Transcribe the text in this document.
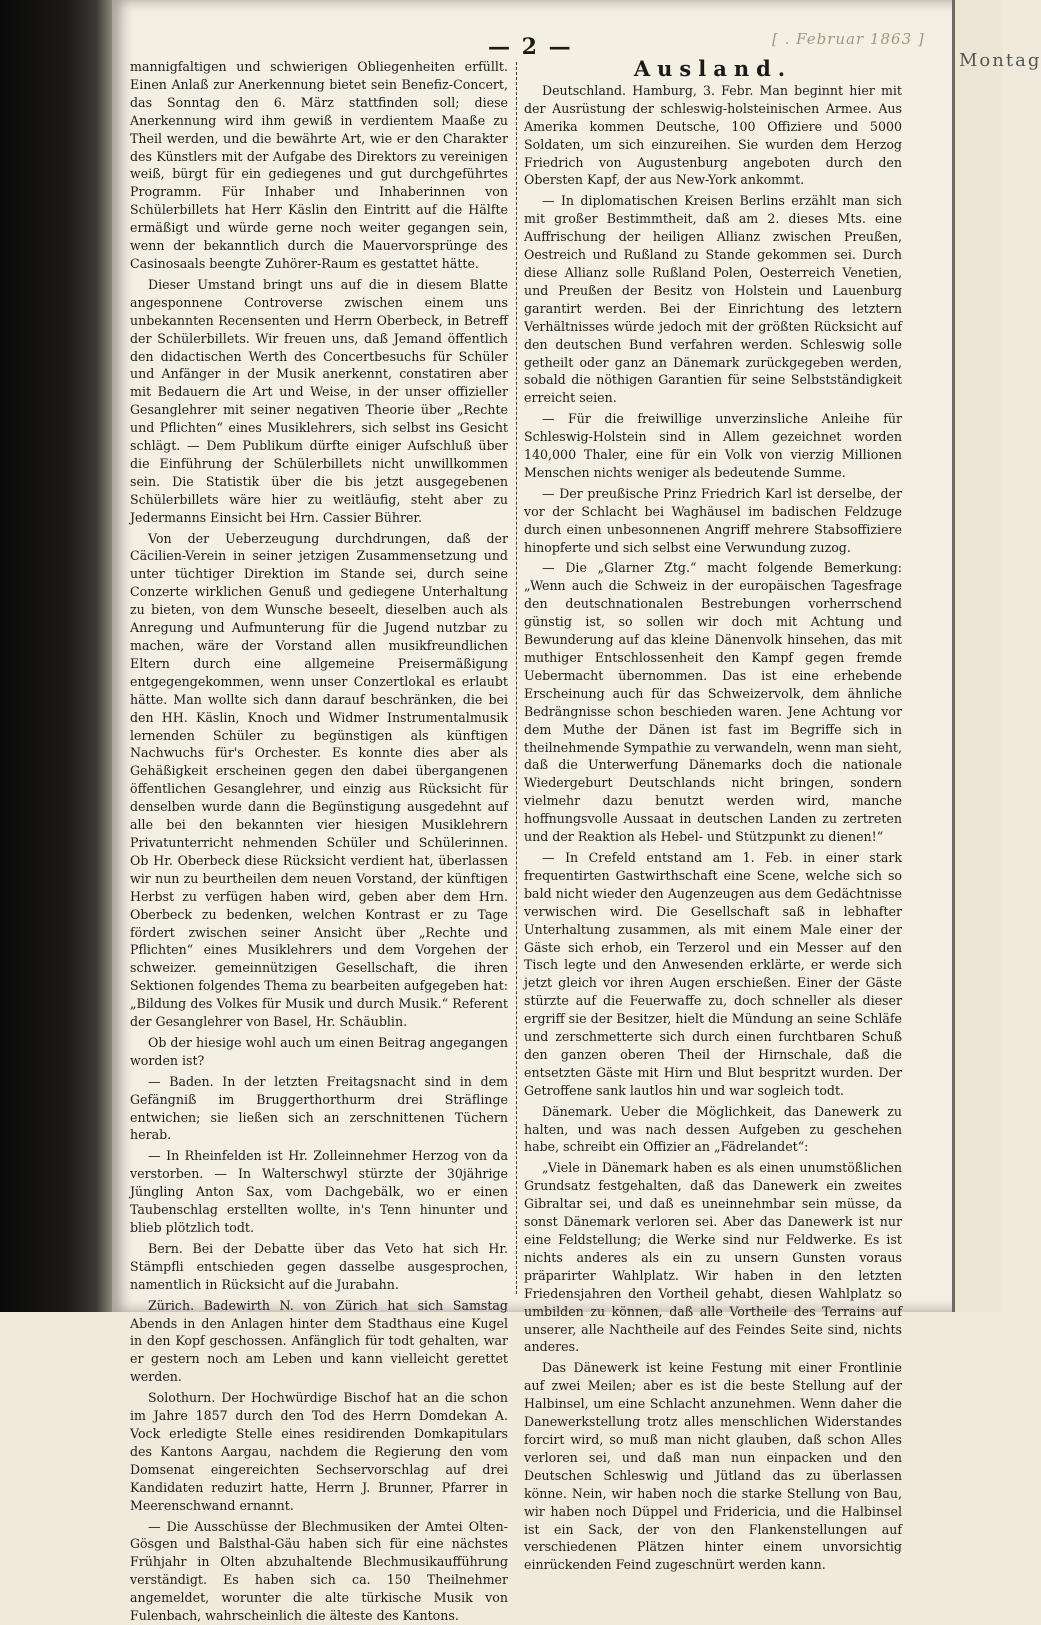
[ . Februar 1863 ]
Montag
— 2 —

mannigfaltigen und schwierigen Obliegenheiten erfüllt. Einen Anlaß zur Anerkennung bietet sein Benefiz-Concert, das Sonntag den 6. März stattfinden soll; diese Anerkennung wird ihm gewiß in verdientem Maaße zu Theil werden, und die bewährte Art, wie er den Charakter des Künstlers mit der Aufgabe des Direktors zu vereinigen weiß, bürgt für ein gediegenes und gut durchgeführtes Programm. Für Inhaber und Inhaberinnen von Schülerbillets hat Herr Käslin den Eintritt auf die Hälfte ermäßigt und würde gerne noch weiter gegangen sein, wenn der bekanntlich durch die Mauervorsprünge des Casinosaals beengte Zuhörer-Raum es gestattet hätte.

Dieser Umstand bringt uns auf die in diesem Blatte angesponnene Controverse zwischen einem uns unbekannten Recensenten und Herrn Oberbeck, in Betreff der Schülerbillets. Wir freuen uns, daß Jemand öffentlich den didactischen Werth des Concertbesuchs für Schüler und Anfänger in der Musik anerkennt, constatiren aber mit Bedauern die Art und Weise, in der unser offizieller Gesanglehrer mit seiner negativen Theorie über „Rechte und Pflichten“ eines Musiklehrers, sich selbst ins Gesicht schlägt. — Dem Publikum dürfte einiger Aufschluß über die Einführung der Schülerbillets nicht unwillkommen sein. Die Statistik über die bis jetzt ausgegebenen Schülerbillets wäre hier zu weitläufig, steht aber zu Jedermanns Einsicht bei Hrn. Cassier Bührer.

Von der Ueberzeugung durchdrungen, daß der Cäcilien-Verein in seiner jetzigen Zusammensetzung und unter tüchtiger Direktion im Stande sei, durch seine Conzerte wirklichen Genuß und gediegene Unterhaltung zu bieten, von dem Wunsche beseelt, dieselben auch als Anregung und Aufmunterung für die Jugend nutzbar zu machen, wäre der Vorstand allen musikfreundlichen Eltern durch eine allgemeine Preisermäßigung entgegengekommen, wenn unser Conzertlokal es erlaubt hätte. Man wollte sich dann darauf beschränken, die bei den HH. Käslin, Knoch und Widmer Instrumentalmusik lernenden Schüler zu begünstigen als künftigen Nachwuchs für's Orchester. Es konnte dies aber als Gehäßigkeit erscheinen gegen den dabei übergangenen öffentlichen Gesanglehrer, und einzig aus Rücksicht für denselben wurde dann die Begünstigung ausgedehnt auf alle bei den bekannten vier hiesigen Musiklehrern Privatunterricht nehmenden Schüler und Schülerinnen. Ob Hr. Oberbeck diese Rücksicht verdient hat, überlassen wir nun zu beurtheilen dem neuen Vorstand, der künftigen Herbst zu verfügen haben wird, geben aber dem Hrn. Oberbeck zu bedenken, welchen Kontrast er zu Tage fördert zwischen seiner Ansicht über „Rechte und Pflichten“ eines Musiklehrers und dem Vorgehen der schweizer. gemeinnützigen Gesellschaft, die ihren Sektionen folgendes Thema zu bearbeiten aufgegeben hat: „Bildung des Volkes für Musik und durch Musik.“ Referent der Gesanglehrer von Basel, Hr. Schäublin.

Ob der hiesige wohl auch um einen Beitrag angegangen worden ist?

— Baden. In der letzten Freitagsnacht sind in dem Gefängniß im Bruggerthorthurm drei Sträflinge entwichen; sie ließen sich an zerschnittenen Tüchern herab.

— In Rheinfelden ist Hr. Zolleinnehmer Herzog von da verstorben. — In Walterschwyl stürzte der 30jährige Jüngling Anton Sax, vom Dachgebälk, wo er einen Taubenschlag erstellten wollte, in's Tenn hinunter und blieb plötzlich todt.

Bern. Bei der Debatte über das Veto hat sich Hr. Stämpfli entschieden gegen dasselbe ausgesprochen, namentlich in Rücksicht auf die Jurabahn.

Zürich. Badewirth N. von Zürich hat sich Samstag Abends in den Anlagen hinter dem Stadthaus eine Kugel in den Kopf geschossen. Anfänglich für todt gehalten, war er gestern noch am Leben und kann vielleicht gerettet werden.

Solothurn. Der Hochwürdige Bischof hat an die schon im Jahre 1857 durch den Tod des Herrn Domdekan A. Vock erledigte Stelle eines residirenden Domkapitulars des Kantons Aargau, nachdem die Regierung den vom Domsenat eingereichten Sechservorschlag auf drei Kandidaten reduzirt hatte, Herrn J. Brunner, Pfarrer in Meerenschwand ernannt.

— Die Ausschüsse der Blechmusiken der Amtei Olten-Gösgen und Balsthal-Gäu haben sich für eine nächstes Frühjahr in Olten abzuhaltende Blechmusikaufführung verständigt. Es haben sich ca. 150 Theilnehmer angemeldet, worunter die alte türkische Musik von Fulenbach, wahrscheinlich die älteste des Kantons.

Ausland.

Deutschland. Hamburg, 3. Febr. Man beginnt hier mit der Ausrüstung der schleswig-holsteinischen Armee. Aus Amerika kommen Deutsche, 100 Offiziere und 5000 Soldaten, um sich einzureihen. Sie wurden dem Herzog Friedrich von Augustenburg angeboten durch den Obersten Kapf, der aus New-York ankommt.

— In diplomatischen Kreisen Berlins erzählt man sich mit großer Bestimmtheit, daß am 2. dieses Mts. eine Auffrischung der heiligen Allianz zwischen Preußen, Oestreich und Rußland zu Stande gekommen sei. Durch diese Allianz solle Rußland Polen, Oesterreich Venetien, und Preußen der Besitz von Holstein und Lauenburg garantirt werden. Bei der Einrichtung des letztern Verhältnisses würde jedoch mit der größten Rücksicht auf den deutschen Bund verfahren werden. Schleswig solle getheilt oder ganz an Dänemark zurückgegeben werden, sobald die nöthigen Garantien für seine Selbstständigkeit erreicht seien.

— Für die freiwillige unverzinsliche Anleihe für Schleswig-Holstein sind in Allem gezeichnet worden 140,000 Thaler, eine für ein Volk von vierzig Millionen Menschen nichts weniger als bedeutende Summe.

— Der preußische Prinz Friedrich Karl ist derselbe, der vor der Schlacht bei Waghäusel im badischen Feldzuge durch einen unbesonnenen Angriff mehrere Stabsoffiziere hinopferte und sich selbst eine Verwundung zuzog.

— Die „Glarner Ztg.“ macht folgende Bemerkung: „Wenn auch die Schweiz in der europäischen Tagesfrage den deutschnationalen Bestrebungen vorherrschend günstig ist, so sollen wir doch mit Achtung und Bewunderung auf das kleine Dänenvolk hinsehen, das mit muthiger Entschlossenheit den Kampf gegen fremde Uebermacht übernommen. Das ist eine erhebende Erscheinung auch für das Schweizervolk, dem ähnliche Bedrängnisse schon beschieden waren. Jene Achtung vor dem Muthe der Dänen ist fast im Begriffe sich in theilnehmende Sympathie zu verwandeln, wenn man sieht, daß die Unterwerfung Dänemarks doch die nationale Wiedergeburt Deutschlands nicht bringen, sondern vielmehr dazu benutzt werden wird, manche hoffnungsvolle Aussaat in deutschen Landen zu zertreten und der Reaktion als Hebel- und Stützpunkt zu dienen!“

— In Crefeld entstand am 1. Feb. in einer stark frequentirten Gastwirthschaft eine Scene, welche sich so bald nicht wieder den Augenzeugen aus dem Gedächtnisse verwischen wird. Die Gesellschaft saß in lebhafter Unterhaltung zusammen, als mit einem Male einer der Gäste sich erhob, ein Terzerol und ein Messer auf den Tisch legte und den Anwesenden erklärte, er werde sich jetzt gleich vor ihren Augen erschießen. Einer der Gäste stürzte auf die Feuerwaffe zu, doch schneller als dieser ergriff sie der Besitzer, hielt die Mündung an seine Schläfe und zerschmetterte sich durch einen furchtbaren Schuß den ganzen oberen Theil der Hirnschale, daß die entsetzten Gäste mit Hirn und Blut bespritzt wurden. Der Getroffene sank lautlos hin und war sogleich todt.

Dänemark. Ueber die Möglichkeit, das Danewerk zu halten, und was nach dessen Aufgeben zu geschehen habe, schreibt ein Offizier an „Fädrelandet“:

„Viele in Dänemark haben es als einen unumstößlichen Grundsatz festgehalten, daß das Danewerk ein zweites Gibraltar sei, und daß es uneinnehmbar sein müsse, da sonst Dänemark verloren sei. Aber das Danewerk ist nur eine Feldstellung; die Werke sind nur Feldwerke. Es ist nichts anderes als ein zu unsern Gunsten voraus präparirter Wahlplatz. Wir haben in den letzten Friedensjahren den Vortheil gehabt, diesen Wahlplatz so umbilden zu können, daß alle Vortheile des Terrains auf unserer, alle Nachtheile auf des Feindes Seite sind, nichts anderes.

Das Dänewerk ist keine Festung mit einer Frontlinie auf zwei Meilen; aber es ist die beste Stellung auf der Halbinsel, um eine Schlacht anzunehmen. Wenn daher die Danewerkstellung trotz alles menschlichen Widerstandes forcirt wird, so muß man nicht glauben, daß schon Alles verloren sei, und daß man nun einpacken und den Deutschen Schleswig und Jütland das zu überlassen könne. Nein, wir haben noch die starke Stellung von Bau, wir haben noch Düppel und Fridericia, und die Halbinsel ist ein Sack, der von den Flankenstellungen auf verschiedenen Plätzen hinter einem unvorsichtig einrückenden Feind zugeschnürt werden kann.
